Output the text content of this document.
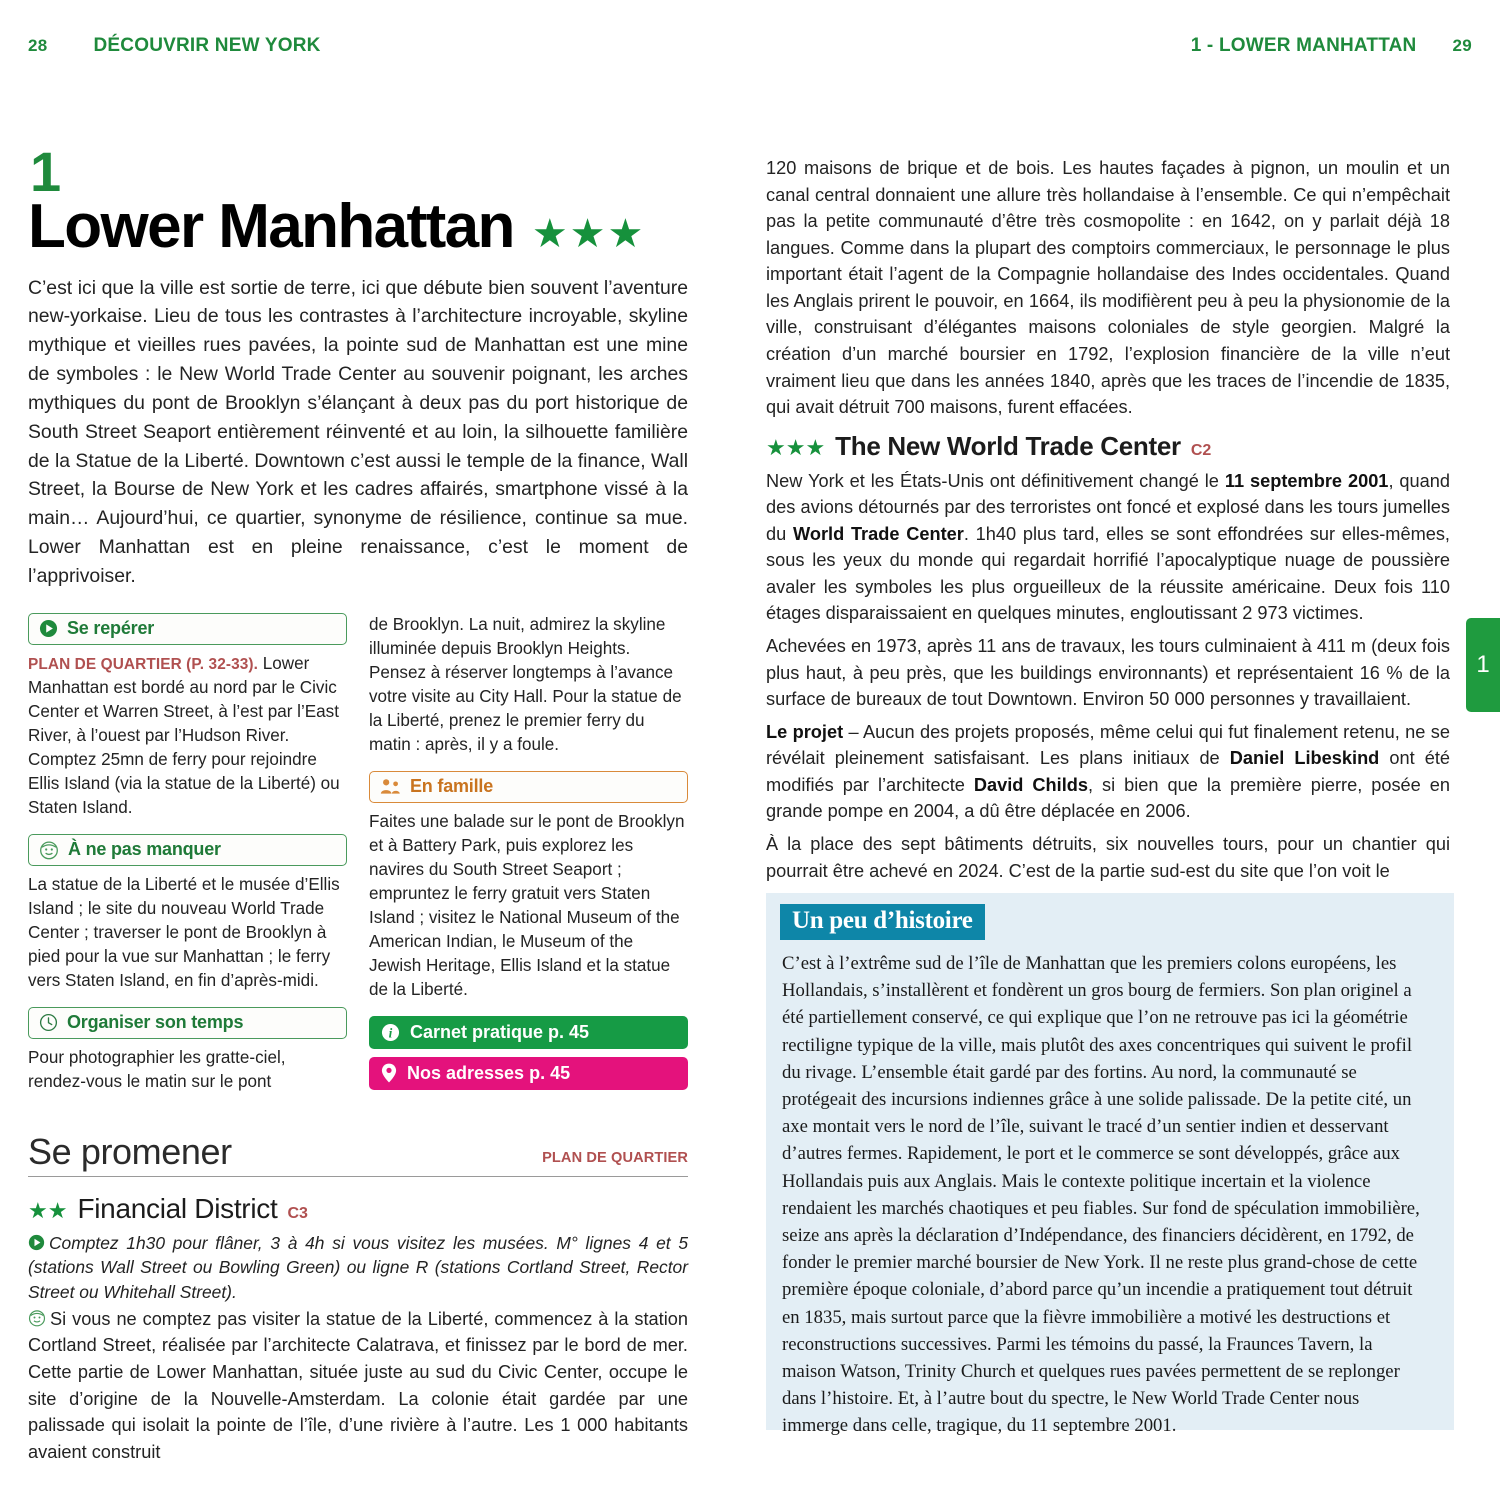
28 DÉCOUVRIR NEW YORK	1 - LOWER MANHATTAN 29
1
Lower Manhattan ★★★

C’est ici que la ville est sortie de terre, ici que débute bien souvent l’aventure new-yorkaise. Lieu de tous les contrastes à l’architecture incroyable, skyline mythique et vieilles rues pavées, la pointe sud de Manhattan est une mine de symboles : le New World Trade Center au souvenir poignant, les arches mythiques du pont de Brooklyn s’élançant à deux pas du port historique de South Street Seaport entièrement réinventé et au loin, la silhouette familière de la Statue de la Liberté. Downtown c’est aussi le temple de la finance, Wall Street, la Bourse de New York et les cadres affairés, smartphone vissé à la main… Aujourd’hui, ce quartier, synonyme de résilience, continue sa mue. Lower Manhattan est en pleine renaissance, c’est le moment de l’apprivoiser.

Se repérer

PLAN DE QUARTIER (P. 32-33). Lower Manhattan est bordé au nord par le Civic Center et Warren Street, à l’est par l’East River, à l’ouest par l’Hudson River. Comptez 25mn de ferry pour rejoindre Ellis Island (via la statue de la Liberté) ou Staten Island.

À ne pas manquer

La statue de la Liberté et le musée d’Ellis Island ; le site du nouveau World Trade Center ; traverser le pont de Brooklyn à pied pour la vue sur Manhattan ; le ferry vers Staten Island, en fin d’après-midi.

Organiser son temps

Pour photographier les gratte-ciel, rendez-vous le matin sur le pont

de Brooklyn. La nuit, admirez la skyline illuminée depuis Brooklyn Heights. Pensez à réserver longtemps à l’avance votre visite au City Hall. Pour la statue de la Liberté, prenez le premier ferry du matin : après, il y a foule.

En famille

Faites une balade sur le pont de Brooklyn et à Battery Park, puis explorez les navires du South Street Seaport ; empruntez le ferry gratuit vers Staten Island ; visitez le National Museum of the American Indian, le Museum of the Jewish Heritage, Ellis Island et la statue de la Liberté.

i Carnet pratique p. 45
Nos adresses p. 45
Se promener	PLAN DE QUARTIER
★★ Financial District C3

Comptez 1h30 pour flâner, 3 à 4h si vous visitez les musées. M° lignes 4 et 5 (stations Wall Street ou Bowling Green) ou ligne R (stations Cortland Street, Rector Street ou Whitehall Street).

Si vous ne comptez pas visiter la statue de la Liberté, commencez à la station Cortland Street, réalisée par l’architecte Calatrava, et finissez par le bord de mer. Cette partie de Lower Manhattan, située juste au sud du Civic Center, occupe le site d’origine de la Nouvelle-Amsterdam. La colonie était gardée par une palissade qui isolait la pointe de l’île, d’une rivière à l’autre. Les 1 000 habitants avaient construit

120 maisons de brique et de bois. Les hautes façades à pignon, un moulin et un canal central donnaient une allure très hollandaise à l’ensemble. Ce qui n’empêchait pas la petite communauté d’être très cosmopolite : en 1642, on y parlait déjà 18 langues. Comme dans la plupart des comptoirs commerciaux, le personnage le plus important était l’agent de la Compagnie hollandaise des Indes occidentales. Quand les Anglais prirent le pouvoir, en 1664, ils modifièrent peu à peu la physionomie de la ville, construisant d’élégantes maisons coloniales de style georgien. Malgré la création d’un marché boursier en 1792, l’explosion financière de la ville n’eut vraiment lieu que dans les années 1840, après que les traces de l’incendie de 1835, qui avait détruit 700 maisons, furent effacées.

★★★ The New World Trade Center C2

New York et les États-Unis ont définitivement changé le 11 septembre 2001, quand des avions détournés par des terroristes ont foncé et explosé dans les tours jumelles du World Trade Center. 1h40 plus tard, elles se sont effondrées sur elles-mêmes, sous les yeux du monde qui regardait horrifié l’apocalyptique nuage de poussière avaler les symboles les plus orgueilleux de la réussite américaine. Deux fois 110 étages disparaissaient en quelques minutes, engloutissant 2 973 victimes.

Achevées en 1973, après 11 ans de travaux, les tours culminaient à 411 m (deux fois plus haut, à peu près, que les buildings environnants) et représentaient 16 % de la surface de bureaux de tout Downtown. Environ 50 000 personnes y travaillaient.

Le projet – Aucun des projets proposés, même celui qui fut finalement retenu, ne se révélait pleinement satisfaisant. Les plans initiaux de Daniel Libeskind ont été modifiés par l’architecte David Childs, si bien que la première pierre, posée en grande pompe en 2004, a dû être déplacée en 2006.

À la place des sept bâtiments détruits, six nouvelles tours, pour un chantier qui pourrait être achevé en 2024. C’est de la partie sud-est du site que l’on voit le

Un peu d’histoire

C’est à l’extrême sud de l’île de Manhattan que les premiers colons européens, les Hollandais, s’installèrent et fondèrent un gros bourg de fermiers. Son plan originel a été partiellement conservé, ce qui explique que l’on ne retrouve pas ici la géométrie rectiligne typique de la ville, mais plutôt des axes concentriques qui suivent le profil du rivage. L’ensemble était gardé par des fortins. Au nord, la communauté se protégeait des incursions indiennes grâce à une solide palissade. De la petite cité, un axe montait vers le nord de l’île, suivant le tracé d’un sentier indien et desservant d’autres fermes. Rapidement, le port et le commerce se sont développés, grâce aux Hollandais puis aux Anglais. Mais le contexte politique incertain et la violence rendaient les marchés chaotiques et peu fiables. Sur fond de spéculation immobilière, seize ans après la déclaration d’Indépendance, des financiers décidèrent, en 1792, de fonder le premier marché boursier de New York. Il ne reste plus grand-chose de cette première époque coloniale, d’abord parce qu’un incendie a pratiquement tout détruit en 1835, mais surtout parce que la fièvre immobilière a motivé les destructions et reconstructions successives. Parmi les témoins du passé, la Fraunces Tavern, la maison Watson, Trinity Church et quelques rues pavées permettent de se replonger dans l’histoire. Et, à l’autre bout du spectre, le New World Trade Center nous immerge dans celle, tragique, du 11 septembre 2001.

1
